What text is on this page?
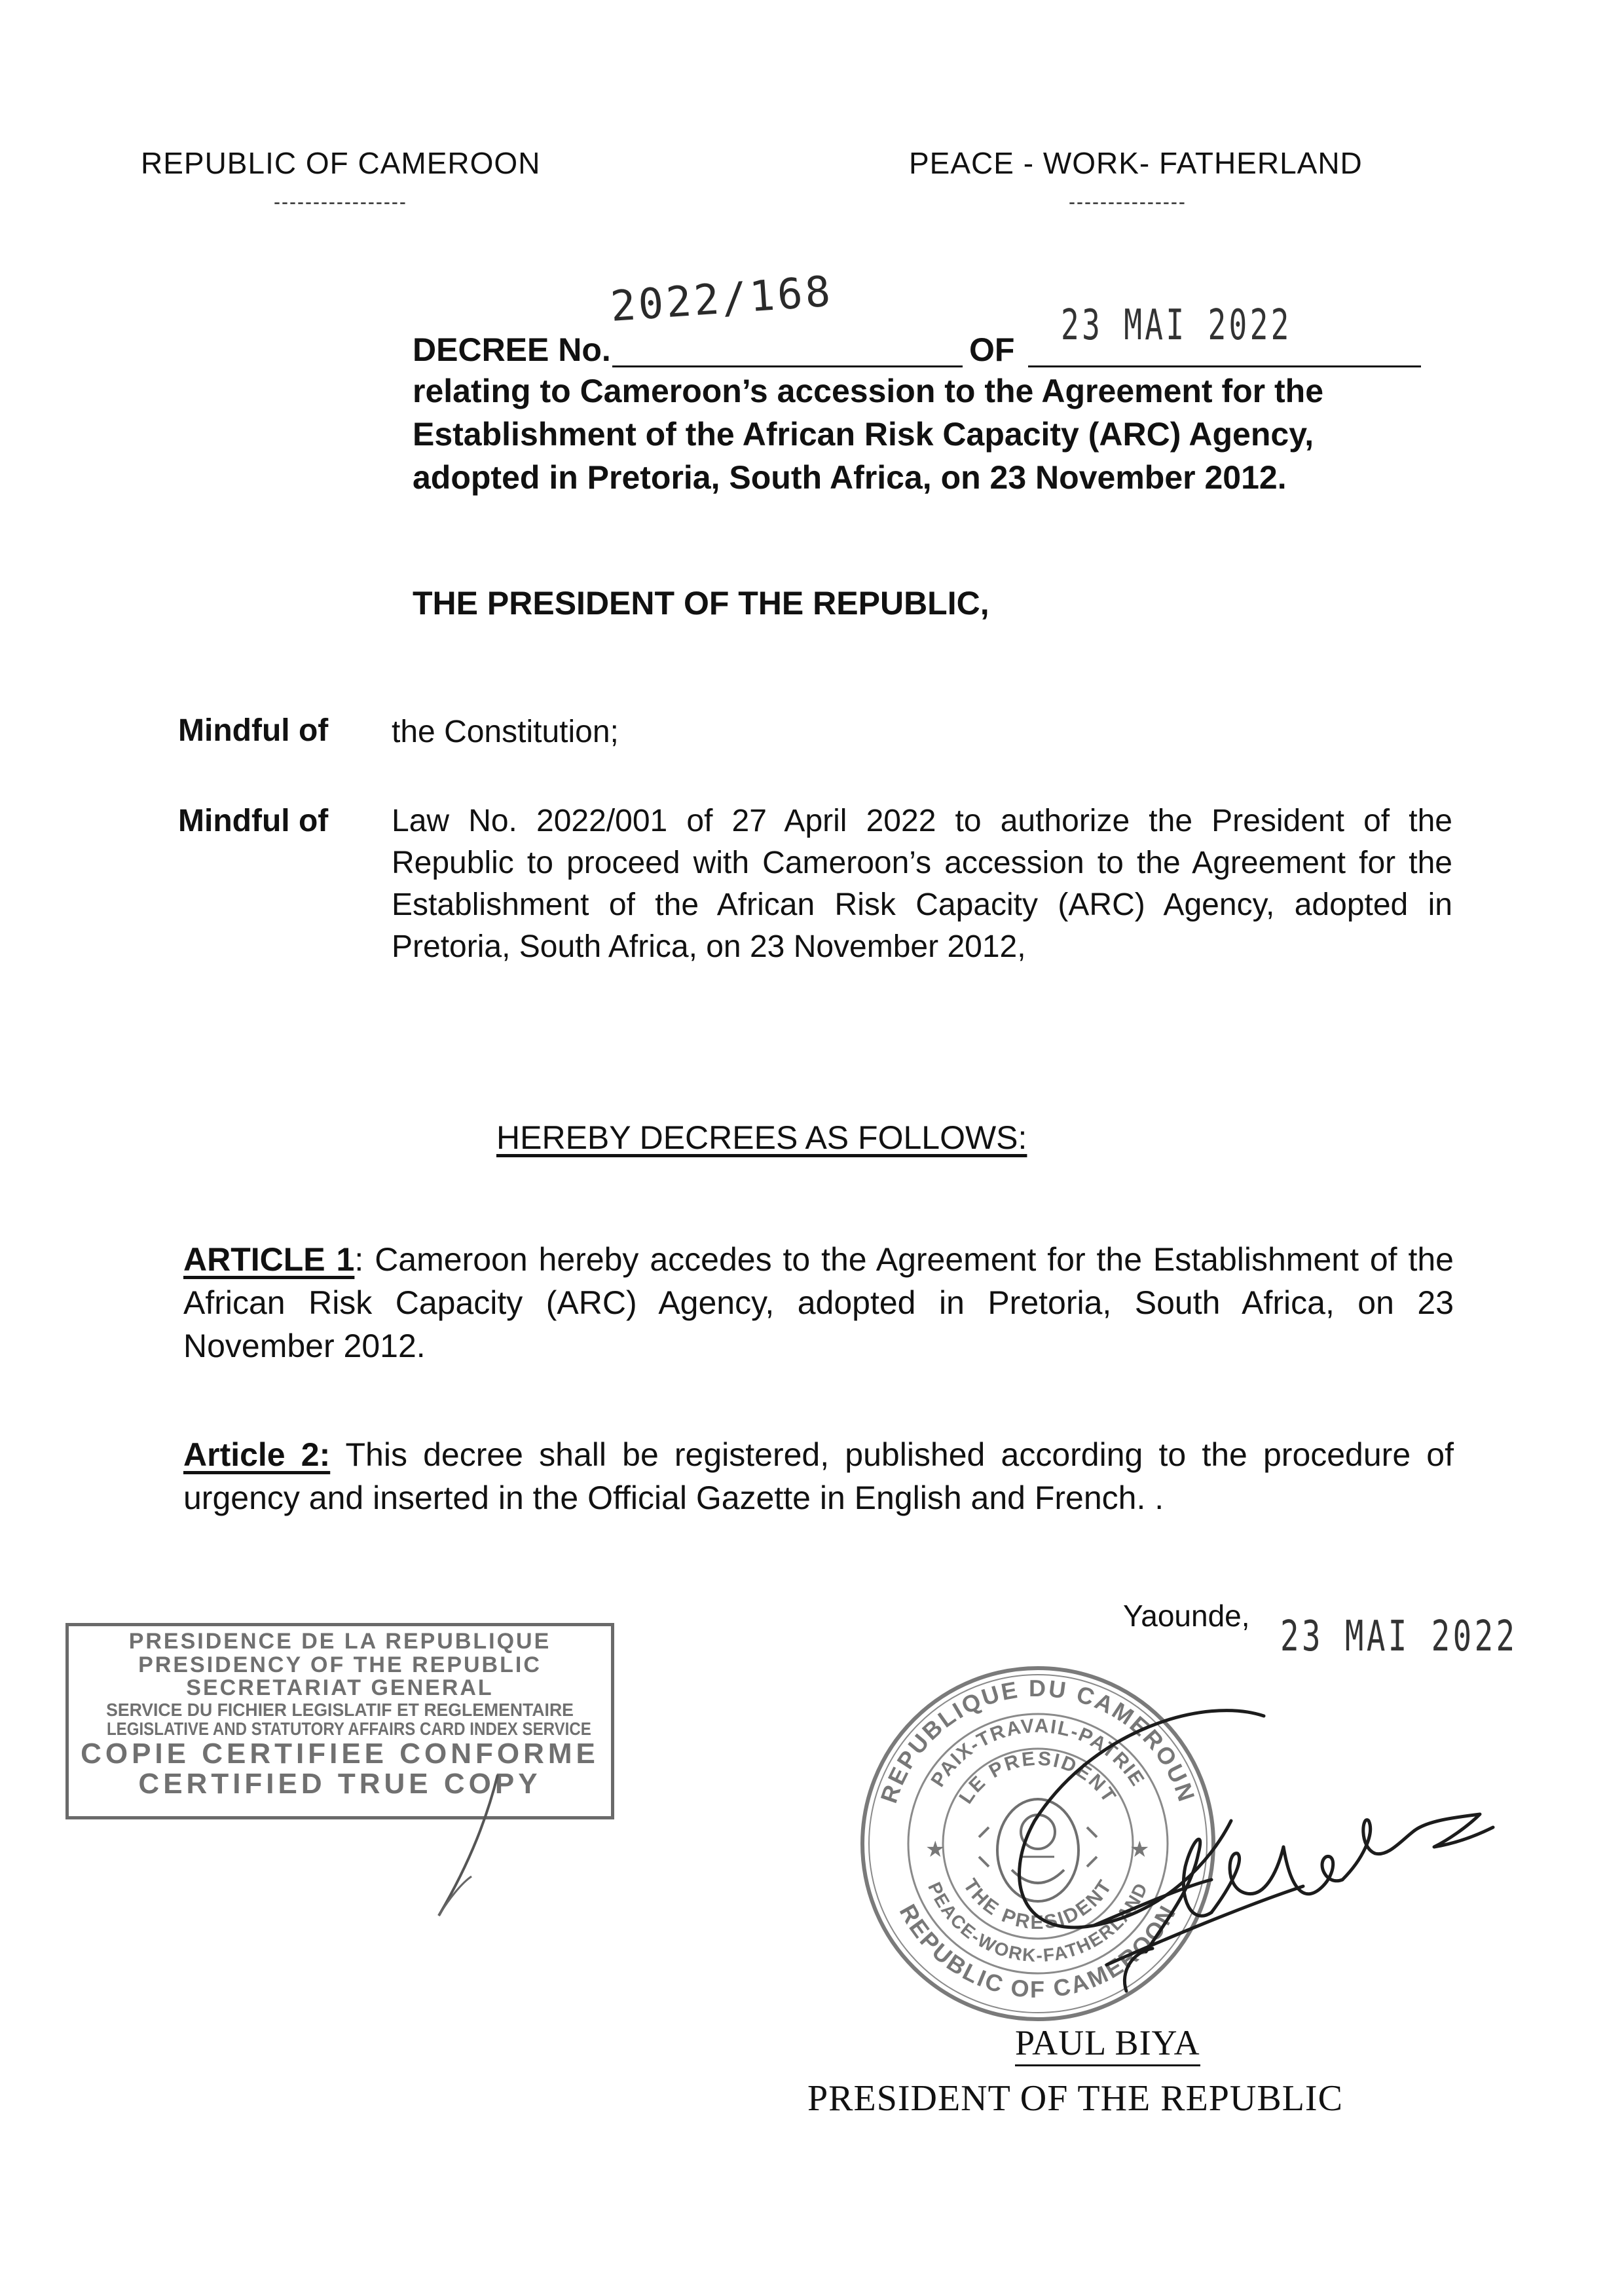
REPUBLIC OF CAMEROON
-----------------
PEACE - WORK- FATHERLAND
---------------
DECREE No.
2022/168
OF 23 MAI 2022
relating to Cameroon’s accession to the Agreement for the
Establishment of the African Risk Capacity (ARC) Agency,
adopted in Pretoria, South Africa, on 23 November 2012.
THE PRESIDENT OF THE REPUBLIC,
Mindful of the Constitution;
Mindful of Law No. 2022/001 of 27 April 2022 to authorize the President of the Republic to proceed with Cameroon’s accession to the Agreement for the Establishment of the African Risk Capacity (ARC) Agency, adopted in Pretoria, South Africa, on 23 November 2012,
HEREBY DECREES AS FOLLOWS:
ARTICLE 1: Cameroon hereby accedes to the Agreement for the Establishment of the African Risk Capacity (ARC) Agency, adopted in Pretoria, South Africa, on 23 November 2012.
Article 2: This decree shall be registered, published according to the procedure of urgency and inserted in the Official Gazette in English and French. .
Yaounde, 23 MAI 2022
PRESIDENCE DE LA REPUBLIQUE
PRESIDENCY OF THE REPUBLIC
SECRETARIAT GENERAL
SERVICE DU FICHIER LEGISLATIF ET REGLEMENTAIRE
LEGISLATIVE AND STATUTORY AFFAIRS CARD INDEX SERVICE
COPIE CERTIFIEE CONFORME
CERTIFIED TRUE COPY	REPUBLIQUE DU CAMEROUN
PAIX-TRAVAIL-PATRIE
LE PRESIDENT
REPUBLIC OF CAMEROON
PEACE-WORK-FATHERLAND
THE PRESIDENT
★	★
PAUL BIYA
PRESIDENT OF THE REPUBLIC
